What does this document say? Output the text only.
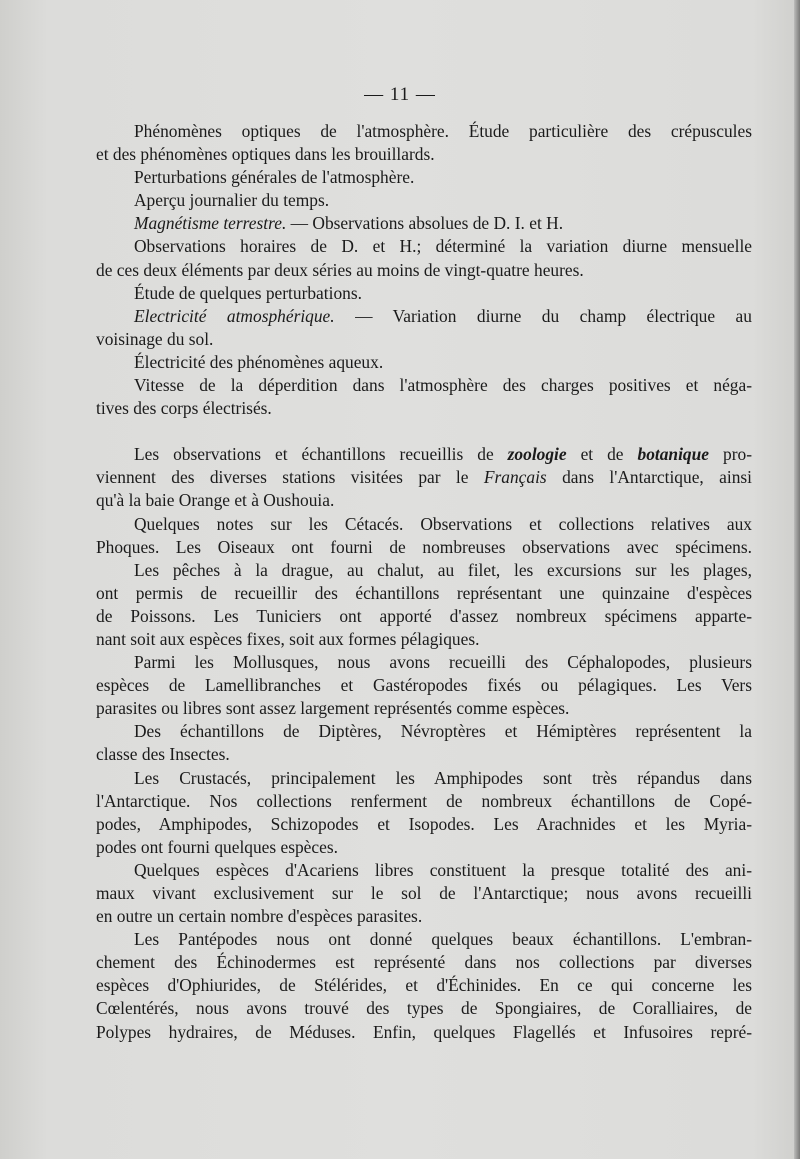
— 11 —
Phénomènes optiques de l'atmosphère. Étude particulière des crépuscules
et des phénomènes optiques dans les brouillards.
Perturbations générales de l'atmosphère.
Aperçu journalier du temps.
Magnétisme terrestre. — Observations absolues de D. I. et H.
Observations horaires de D. et H.; déterminé la variation diurne mensuelle
de ces deux éléments par deux séries au moins de vingt-quatre heures.
Étude de quelques perturbations.
Electricité atmosphérique. — Variation diurne du champ électrique au
voisinage du sol.
Électricité des phénomènes aqueux.
Vitesse de la déperdition dans l'atmosphère des charges positives et néga-
tives des corps électrisés.
Les observations et échantillons recueillis de zoologie et de botanique pro-
viennent des diverses stations visitées par le Français dans l'Antarctique, ainsi
qu'à la baie Orange et à Oushouia.
Quelques notes sur les Cétacés. Observations et collections relatives aux
Phoques. Les Oiseaux ont fourni de nombreuses observations avec spécimens.
Les pêches à la drague, au chalut, au filet, les excursions sur les plages,
ont permis de recueillir des échantillons représentant une quinzaine d'espèces
de Poissons. Les Tuniciers ont apporté d'assez nombreux spécimens apparte-
nant soit aux espèces fixes, soit aux formes pélagiques.
Parmi les Mollusques, nous avons recueilli des Céphalopodes, plusieurs
espèces de Lamellibranches et Gastéropodes fixés ou pélagiques. Les Vers
parasites ou libres sont assez largement représentés comme espèces.
Des échantillons de Diptères, Névroptères et Hémiptères représentent la
classe des Insectes.
Les Crustacés, principalement les Amphipodes sont très répandus dans
l'Antarctique. Nos collections renferment de nombreux échantillons de Copé-
podes, Amphipodes, Schizopodes et Isopodes. Les Arachnides et les Myria-
podes ont fourni quelques espèces.
Quelques espèces d'Acariens libres constituent la presque totalité des ani-
maux vivant exclusivement sur le sol de l'Antarctique; nous avons recueilli
en outre un certain nombre d'espèces parasites.
Les Pantépodes nous ont donné quelques beaux échantillons. L'embran-
chement des Échinodermes est représenté dans nos collections par diverses
espèces d'Ophiurides, de Stélérides, et d'Échinides. En ce qui concerne les
Cœlentérés, nous avons trouvé des types de Spongiaires, de Coralliaires, de
Polypes hydraires, de Méduses. Enfin, quelques Flagellés et Infusoires repré-
